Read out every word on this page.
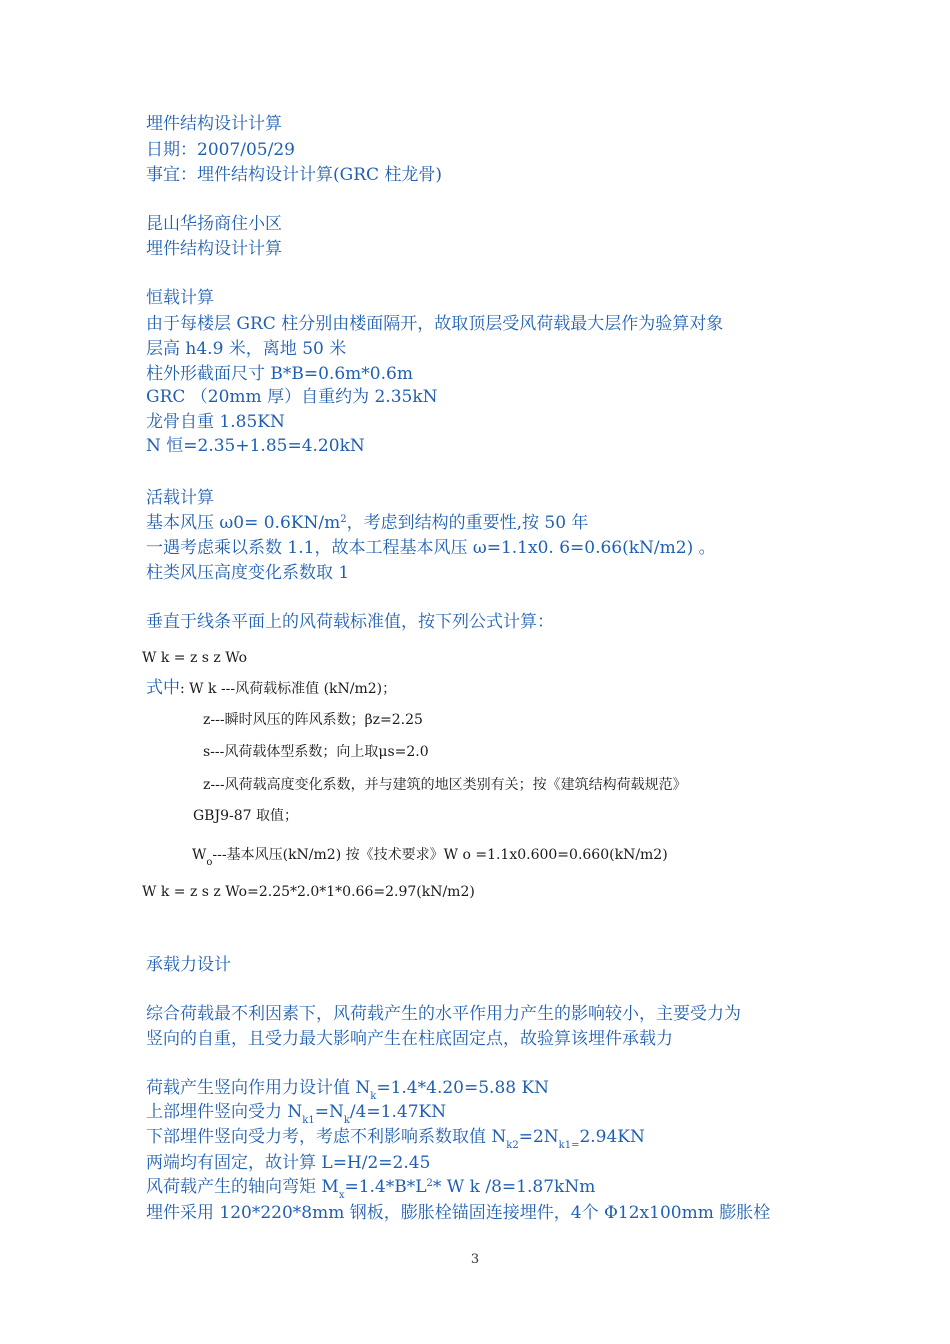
埋件结构设计计算
日期：2007/05/29
事宜：埋件结构设计计算(GRC 柱龙骨)
昆山华扬商住小区
埋件结构设计计算
恒载计算
由于每楼层 GRC 柱分别由楼面隔开，故取顶层受风荷载最大层作为验算对象
层高 h4.9 米，离地 50 米
柱外形截面尺寸 B*B=0.6m*0.6m
GRC （20mm 厚）自重约为 2.35kN
龙骨自重 1.85KN
N 恒=2.35+1.85=4.20kN
活载计算
基本风压 $\omega 0= 0.6KN/m^2$，考虑到结构的重要性,按 50 年
一遇考虑乘以系数 1.1，故本工程基本风压 ω=1.1x0. 6=0.66(kN/m2) 。
柱类风压高度变化系数取 1
垂直于线条平面上的风荷载标准值，按下列公式计算：
W k = z s z Wo
式中: W k ---风荷载标准值 (kN/m2)；
z---瞬时风压的阵风系数；βz=2.25
s---风荷载体型系数；向上取μs=2.0
z---风荷载高度变化系数，并与建筑的地区类别有关；按《建筑结构荷载规范》
GBJ9-87 取值；
$W_o---$基本风压(kN/m2) 按《技术要求》W o =1.1x0.600=0.660(kN/m2)
W k = z s z Wo=2.25*2.0*1*0.66=2.97(kN/m2)
承载力设计
综合荷载最不利因素下，风荷载产生的水平作用力产生的影响较小，主要受力为
竖向的自重，且受力最大影响产生在柱底固定点，故验算该埋件承载力
荷载产生竖向作用力设计值 $N_k=1.4*4.20=5.88$ KN
上部埋件竖向受力 $N_{k1}=N_k/4=1.47KN$
下部埋件竖向受力考，考虑不利影响系数取值 $N_{k2}=2N_{k1=}2.94KN$
两端均有固定，故计算 L=H/2=2.45
风荷载产生的轴向弯矩 $M_x=1.4*B*L^2*$ W k /8=1.87kNm
埋件采用 120*220*8mm 钢板，膨胀栓锚固连接埋件，4个 Φ12x100mm 膨胀栓
3
